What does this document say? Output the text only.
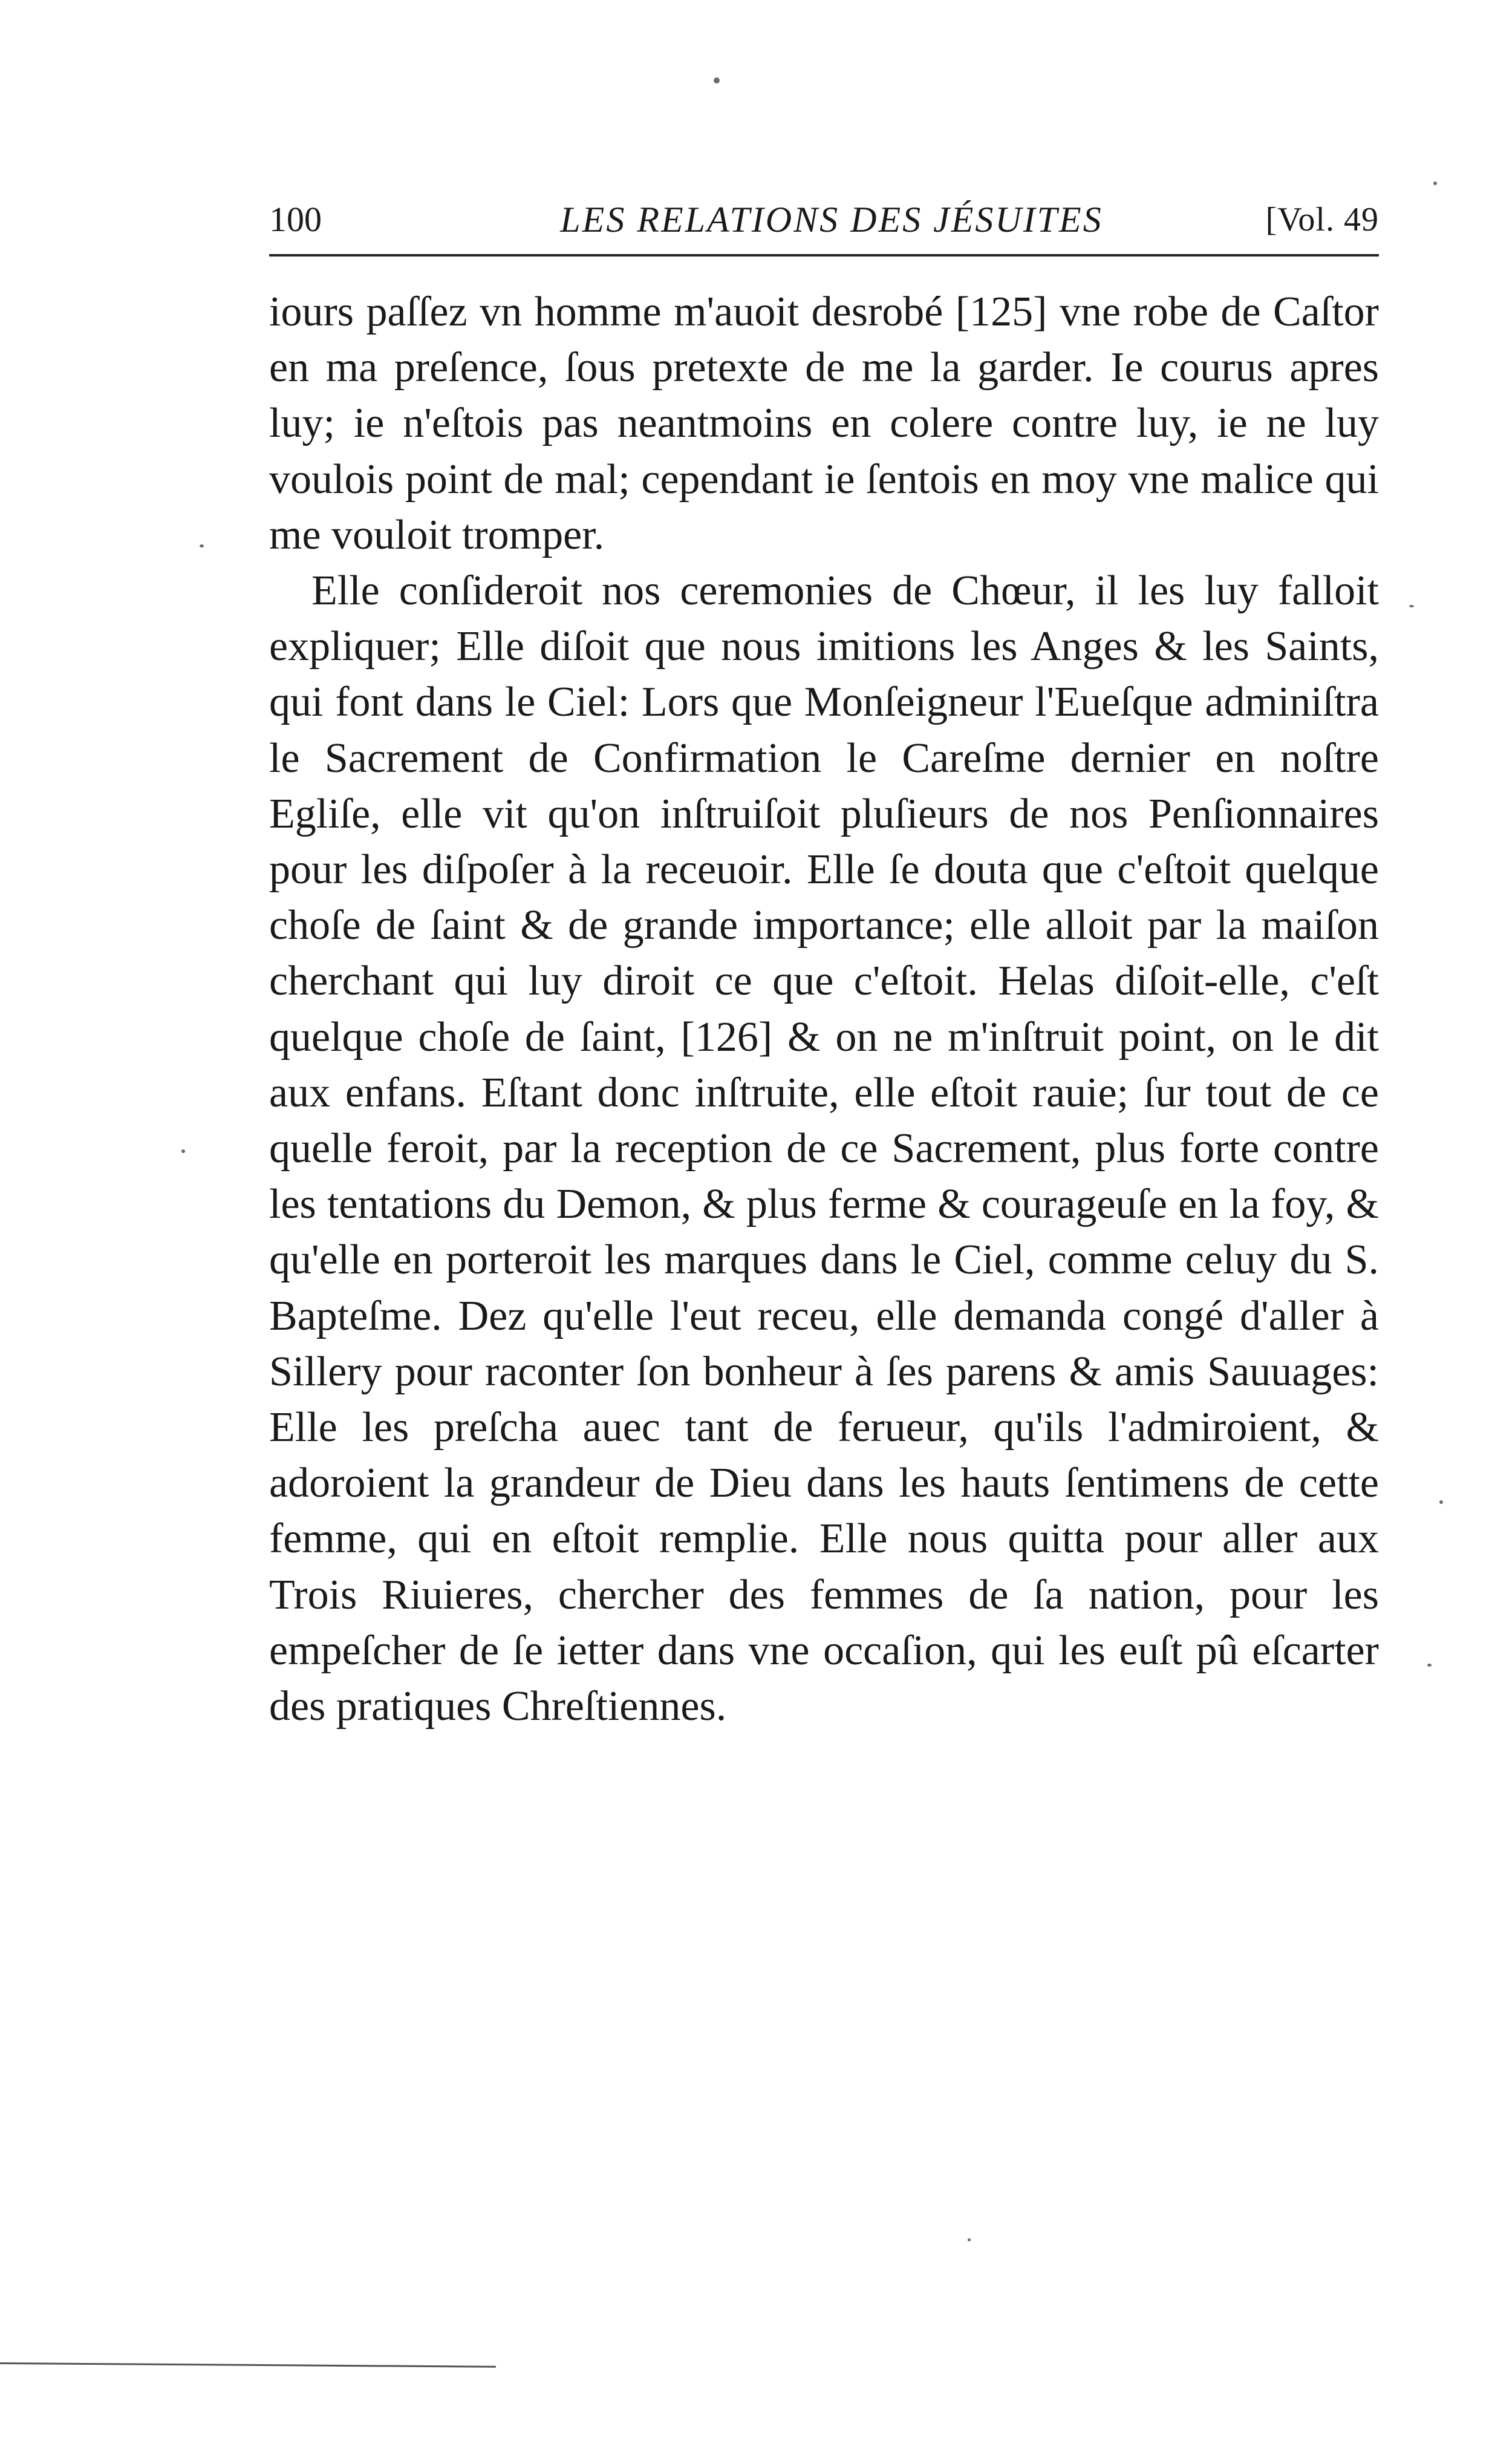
100	LES RELATIONS DES JÉSUITES	[Vol. 49

iours paſſez vn homme m'auoit desrobé [125] vne robe de Caſtor en ma preſence, ſous pretexte de me la garder. Ie courus apres luy; ie n'eſtois pas neantmoins en colere contre luy, ie ne luy voulois point de mal; cependant ie ſentois en moy vne malice qui me vouloit tromper.

Elle conſideroit nos ceremonies de Chœur, il les luy falloit expliquer; Elle diſoit que nous imitions les Anges & les Saints, qui font dans le Ciel: Lors que Monſeigneur l'Eueſque adminiſtra le Sacrement de Confirmation le Careſme dernier en noſtre Egliſe, elle vit qu'on inſtruiſoit pluſieurs de nos Penſionnaires pour les diſpoſer à la receuoir. Elle ſe douta que c'eſtoit quelque choſe de ſaint & de grande importance; elle alloit par la maiſon cherchant qui luy diroit ce que c'eſtoit. Helas diſoit-elle, c'eſt quelque choſe de ſaint, [126] & on ne m'inſtruit point, on le dit aux enfans. Eſtant donc inſtruite, elle eſtoit rauie; ſur tout de ce quelle feroit, par la reception de ce Sacrement, plus forte contre les tentations du Demon, & plus ferme & courageuſe en la foy, & qu'elle en porteroit les marques dans le Ciel, comme celuy du S. Bapteſme. Dez qu'elle l'eut receu, elle demanda congé d'aller à Sillery pour raconter ſon bonheur à ſes parens & amis Sauuages: Elle les preſcha auec tant de ferueur, qu'ils l'admiroient, & adoroient la grandeur de Dieu dans les hauts ſentimens de cette femme, qui en eſtoit remplie. Elle nous quitta pour aller aux Trois Riuieres, chercher des femmes de ſa nation, pour les empeſcher de ſe ietter dans vne occaſion, qui les euſt pû eſcarter des pratiques Chreſtiennes.
